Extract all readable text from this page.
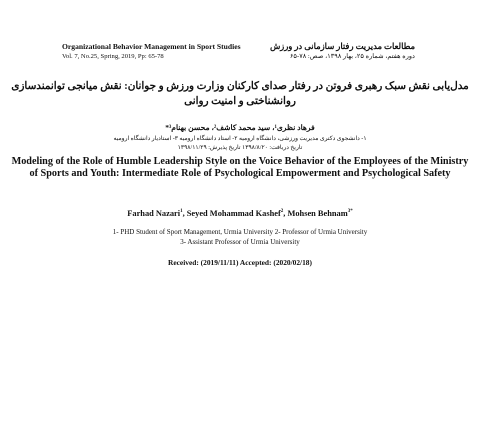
Organizational Behavior Management in Sport Studies
Vol. 7, No.25, Spring, 2019, Pp: 65-78
مطالعات مدیریت رفتار سازمانی در ورزش
دوره هفتم، شماره ۲۵، بهار ۱۳۹۸، صص: ۷۸-۶۵
مدل‌یابی نقش سبک رهبری فروتن در رفتار صدای کارکنان وزارت ورزش و جوانان: نقش میانجی توانمندسازی روانشناختی و امنیت روانی
فرهاد نظری¹، سید محمد کاشف²، محسن بهنام³*
۱- دانشجوی دکتری مدیریت ورزشی، دانشگاه ارومیه ۲- استاد دانشگاه ارومیه ۳- استادیار دانشگاه ارومیه
تاریخ دریافت: ۱۳۹۸/۸/۲۰ تاریخ پذیرش: ۱۳۹۸/۱۱/۲۹
Modeling of the Role of Humble Leadership Style on the Voice Behavior of the Employees of the Ministry of Sports and Youth: Intermediate Role of Psychological Empowerment and Psychological Safety
Farhad Nazari$^1$, Seyed Mohammad Kashef$^2$, Mohsen Behnam$^{3*}$
1- PHD Student of Sport Management, Urmia University 2- Professor of Urmia University
3- Assistant Professor of Urmia University
Received: (2019/11/11) Accepted: (2020/02/18)
